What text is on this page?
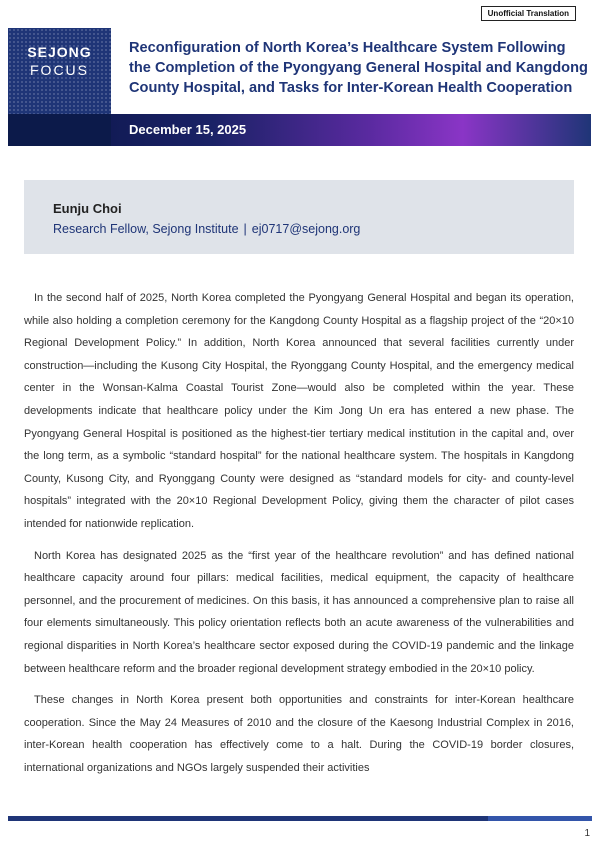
Unofficial Translation
SEJONG
FOCUS
Reconfiguration of North Korea’s Healthcare System Following the Completion of the Pyongyang General Hospital and Kangdong County Hospital, and Tasks for Inter-Korean Health Cooperation
December 15, 2025
Eunju Choi
Research Fellow, Sejong Institute | ej0717@sejong.org

In the second half of 2025, North Korea completed the Pyongyang General Hospital and began its operation, while also holding a completion ceremony for the Kangdong County Hospital as a flagship project of the “20×10 Regional Development Policy.” In addition, North Korea announced that several facilities currently under construction—including the Kusong City Hospital, the Ryonggang County Hospital, and the emergency medical center in the Wonsan-Kalma Coastal Tourist Zone—would also be completed within the year. These developments indicate that healthcare policy under the Kim Jong Un era has entered a new phase. The Pyongyang General Hospital is positioned as the highest-tier tertiary medical institution in the capital and, over the long term, as a symbolic “standard hospital” for the national healthcare system. The hospitals in Kangdong County, Kusong City, and Ryonggang County were designed as “standard models for city- and county-level hospitals” integrated with the 20×10 Regional Development Policy, giving them the character of pilot cases intended for nationwide replication.

North Korea has designated 2025 as the “first year of the healthcare revolution” and has defined national healthcare capacity around four pillars: medical facilities, medical equipment, the capacity of healthcare personnel, and the procurement of medicines. On this basis, it has announced a comprehensive plan to raise all four elements simultaneously. This policy orientation reflects both an acute awareness of the vulnerabilities and regional disparities in North Korea’s healthcare sector exposed during the COVID-19 pandemic and the linkage between healthcare reform and the broader regional development strategy embodied in the 20×10 policy.

These changes in North Korea present both opportunities and constraints for inter-Korean healthcare cooperation. Since the May 24 Measures of 2010 and the closure of the Kaesong Industrial Complex in 2016, inter-Korean health cooperation has effectively come to a halt. During the COVID-19 border closures, international organizations and NGOs largely suspended their activities

1
